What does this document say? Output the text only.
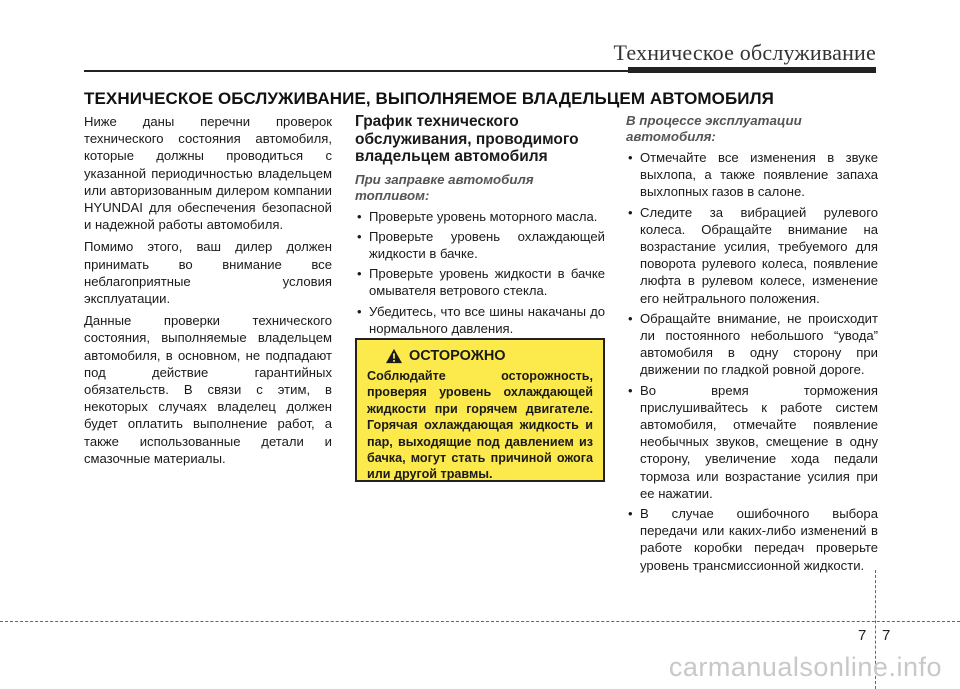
Техническое обслуживание
ТЕХНИЧЕСКОЕ ОБСЛУЖИВАНИЕ, ВЫПОЛНЯЕМОЕ ВЛАДЕЛЬЦЕМ АВТОМОБИЛЯ

Ниже даны перечни проверок технического состояния автомобиля, которые должны проводиться с указанной периодичностью владельцем или авторизованным дилером компании HYUNDAI для обеспечения безопасной и надежной работы автомобиля.

Помимо этого, ваш дилер должен принимать во внимание все неблагоприятные условия эксплуатации.

Данные проверки технического состояния, выполняемые владельцем автомобиля, в основном, не подпадают под действие гарантийных обязательств. В связи с этим, в некоторых случаях владелец должен будет оплатить выполнение работ, а также использованные детали и смазочные материалы.

График технического обслуживания, проводимого владельцем автомобиля
При заправке автомобиля топливом:
• Проверьте уровень моторного масла.
• Проверьте уровень охлаждающей жидкости в бачке.
• Проверьте уровень жидкости в бачке омывателя ветрового стекла.
• Убедитесь, что все шины накачаны до нормального давления.
ОСТОРОЖНО
Соблюдайте осторожность, проверяя уровень охлаждающей жидкости при горячем двигателе. Горячая охлаждающая жидкость и пар, выходящие под давлением из бачка, могут стать причиной ожога или другой травмы.
В процессе эксплуатации автомобиля:
• Отмечайте все изменения в звуке выхлопа, а также появление запаха выхлопных газов в салоне.
• Следите за вибрацией рулевого колеса. Обращайте внимание на возрастание усилия, требуемого для поворота рулевого колеса, появление люфта в рулевом колесе, изменение его нейтрального положения.
• Обращайте внимание, не происходит ли постоянного небольшого “увода” автомобиля в одну сторону при движении по гладкой ровной дороге.
• Во время торможения прислушивайтесь к работе систем автомобиля, отмечайте появление необычных звуков, смещение в одну сторону, увеличение хода педали тормоза или возрастание усилия при ее нажатии.
• В случае ошибочного выбора передачи или каких-либо изменений в работе коробки передач проверьте уровень трансмиссионной жидкости.
7 7
carmanualsonline.info
